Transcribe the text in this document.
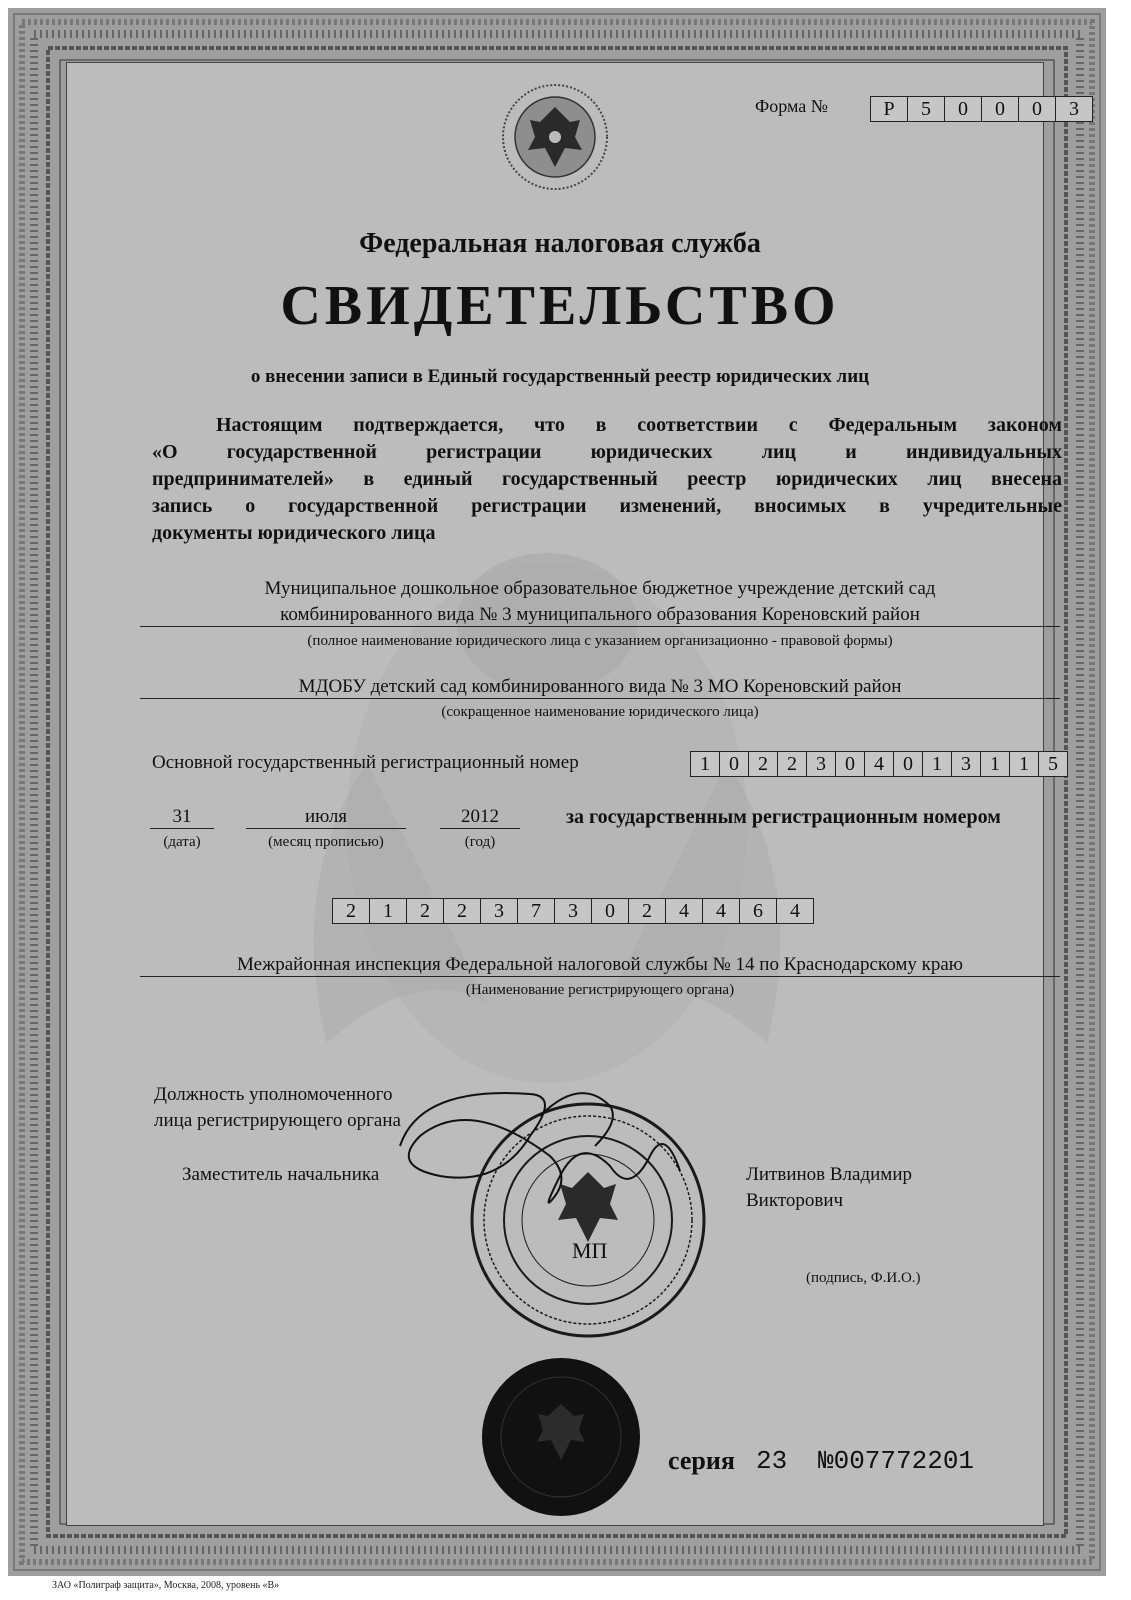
Форма №	Р	5	0	0	0	3
Федеральная налоговая служба
СВИДЕТЕЛЬСТВО
о внесении записи в Единый государственный реестр юридических лиц
Настоящим подтверждается, что в соответствии с Федеральным законом
«О государственной регистрации юридических лиц и индивидуальных
предпринимателей» в единый государственный реестр юридических лиц внесена
запись о государственной регистрации изменений, вносимых в учредительные
документы юридического лица
Муниципальное дошкольное образовательное бюджетное учреждение детский сад
комбинированного вида № 3 муниципального образования Кореновский район
(полное наименование юридического лица с указанием организационно - правовой формы)
МДОБУ детский сад комбинированного вида № 3 МО Кореновский район
(сокращенное наименование юридического лица)
Основной государственный регистрационный номер	1 0 2 2 3 0 4 0 1 3 1 1 5
31
(дата)
июля
(месяц прописью)
2012
(год)
за государственным регистрационным номером
2	1	2	2	3	7	3	0	2	4	4	6	4
Межрайонная инспекция Федеральной налоговой службы № 14 по Краснодарскому краю
(Наименование регистрирующего органа)
Должность уполномоченного
лица регистрирующего органа
Заместитель начальника	Литвинов Владимир
Викторович
(подпись, Ф.И.О.)
МП
серия 23 №007772201
ЗАО «Полиграф защита», Москва, 2008, уровень «В»
